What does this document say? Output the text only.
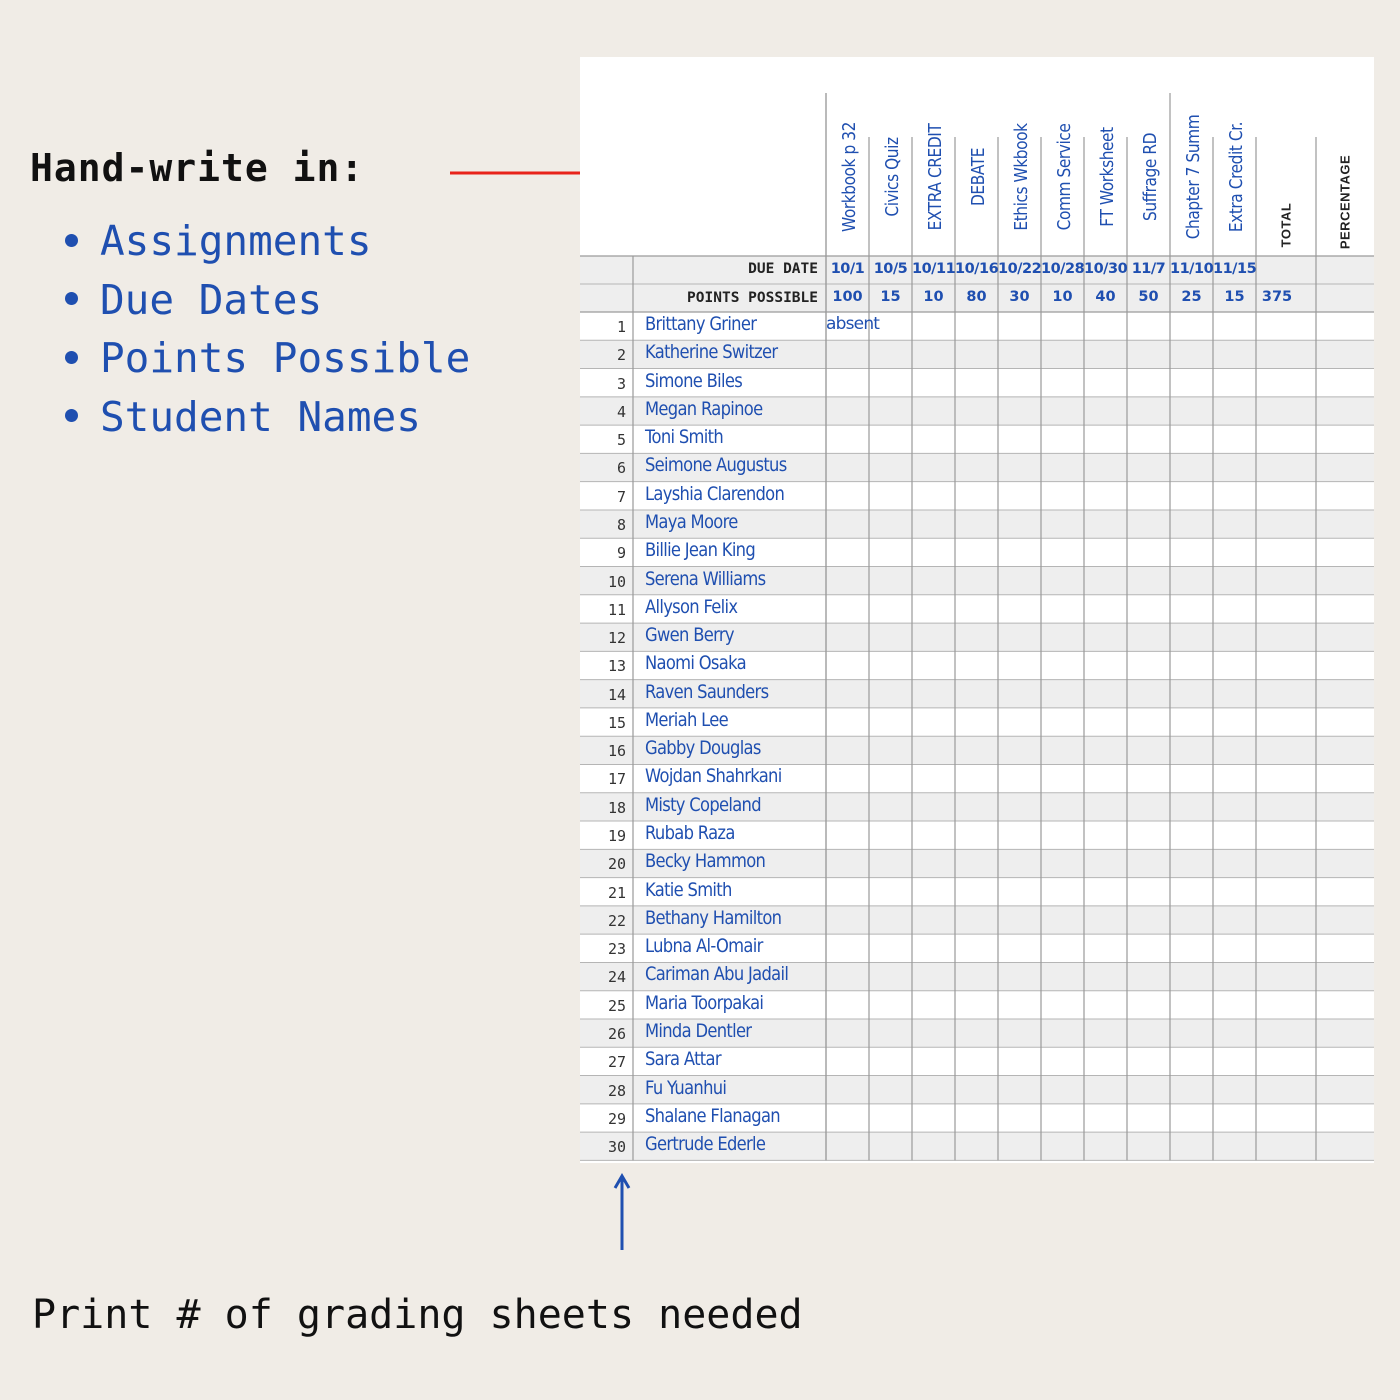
Hand-write in:
Assignments
Due Dates
Points Possible
Student Names

Print # of grading sheets needed

DUE DATE
POINTS POSSIBLE
Workbook p 32
10/1
100
Civics Quiz
10/5
15
EXTRA CREDIT
10/11
10
DEBATE
10/16
80
Ethics Wkbook
10/22
30
Comm Service
10/28
10
FT Worksheet
10/30
40
Suffrage RD
11/7
50
Chapter 7 Summ
11/10
25
Extra Credit Cr.
11/15
15
TOTAL	PERCENTAGE
375
1 Brittany Griner
2 Katherine Switzer
3 Simone Biles
4 Megan Rapinoe
5 Toni Smith
6 Seimone Augustus
7 Layshia Clarendon
8 Maya Moore
9 Billie Jean King
10 Serena Williams
11 Allyson Felix
12 Gwen Berry
13 Naomi Osaka
14 Raven Saunders
15 Meriah Lee
16 Gabby Douglas
17 Wojdan Shahrkani
18 Misty Copeland
19 Rubab Raza
20 Becky Hammon
21 Katie Smith
22 Bethany Hamilton
23 Lubna Al-Omair
24 Cariman Abu Jadail
25 Maria Toorpakai
26 Minda Dentler
27 Sara Attar
28 Fu Yuanhui
29 Shalane Flanagan
30 Gertrude Ederle
absent
